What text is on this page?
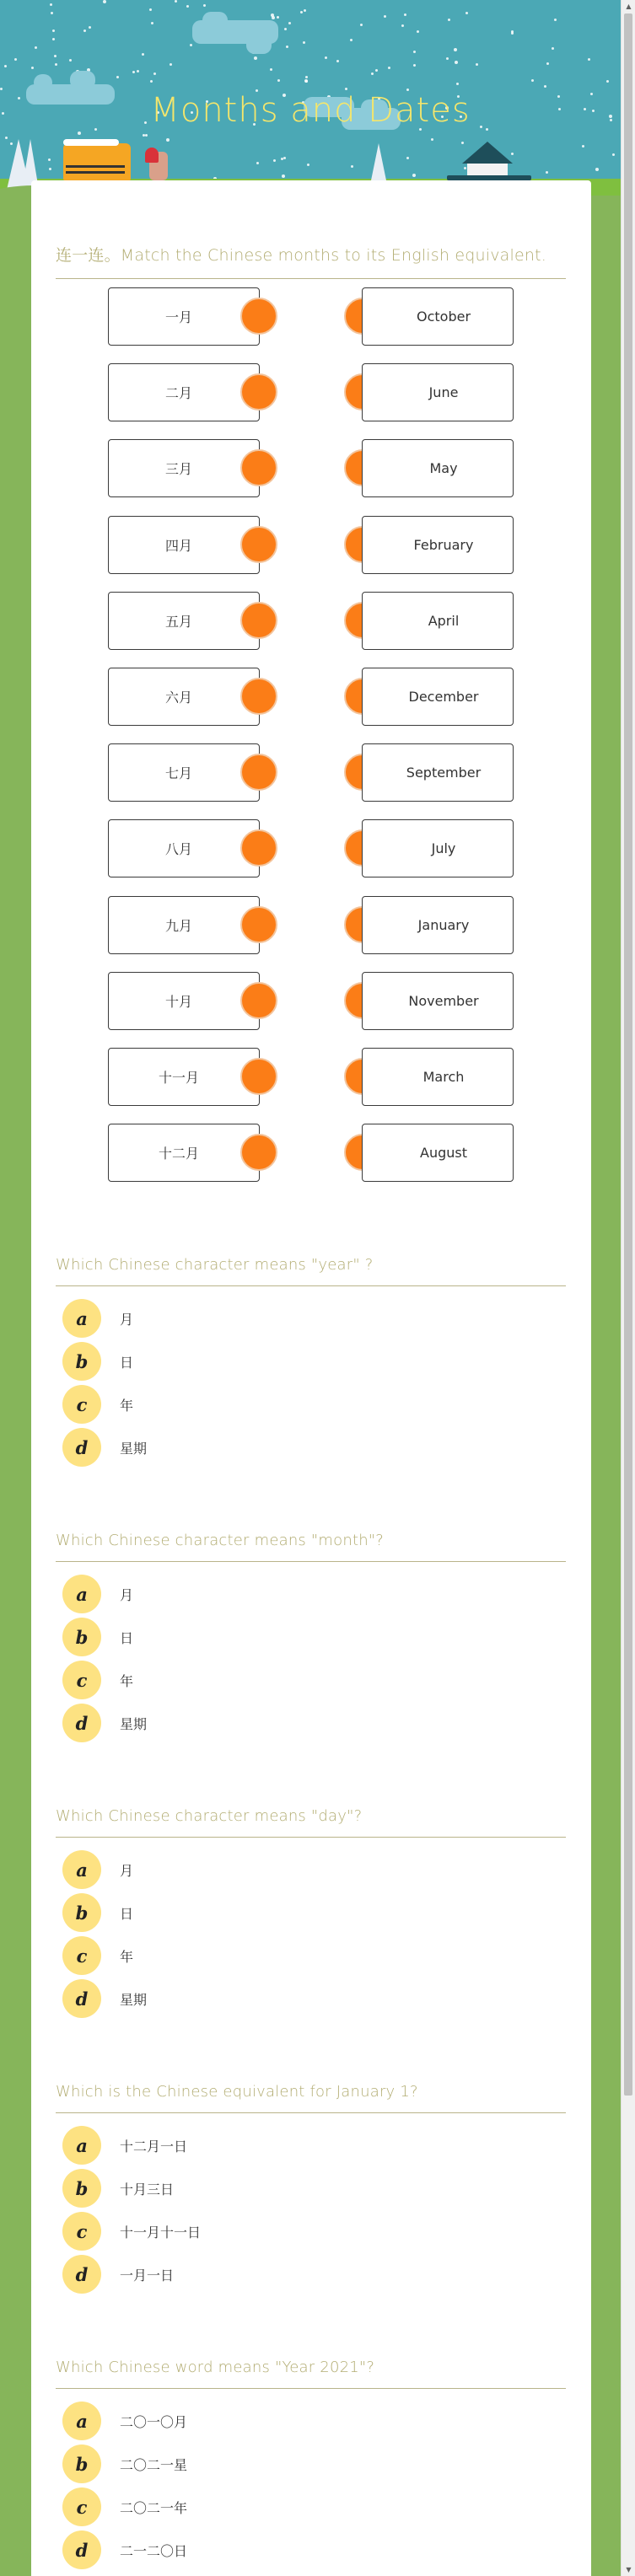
Months and Dates
连一连。Match the Chinese months to its English equivalent.
一月	October
二月	June
三月	May
四月	February
五月	April
六月	December
七月	September
八月	July
九月	January
十月	November
十一月	March
十二月	August
Which Chinese character means "year" ?
a	月
b	日
c	年
d	星期
Which Chinese character means "month"?
a	月
b	日
c	年
d	星期
Which Chinese character means "day"?
a	月
b	日
c	年
d	星期
Which is the Chinese equivalent for January 1?
a	十二月一日
b	十月三日
c	十一月十一日
d	一月一日
Which Chinese word means "Year 2021"?
a	二〇一〇月
b	二〇二一星
c	二〇二一年
d	二一二〇日
▲
▼
